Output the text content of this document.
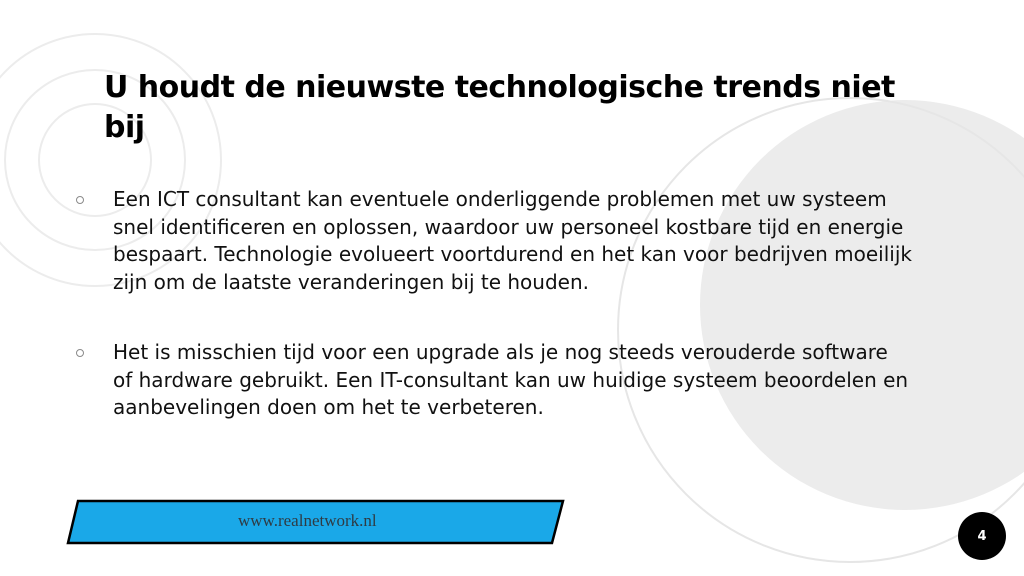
U houdt de nieuwste technologische trends niet bij
Een ICT consultant kan eventuele onderliggende problemen met uw systeem snel identificeren en oplossen, waardoor uw personeel kostbare tijd en energie bespaart. Technologie evolueert voortdurend en het kan voor bedrijven moeilijk zijn om de laatste veranderingen bij te houden.
Het is misschien tijd voor een upgrade als je nog steeds verouderde software of hardware gebruikt. Een IT-consultant kan uw huidige systeem beoordelen en aanbevelingen doen om het te verbeteren.
www.realnetwork.nl
4
